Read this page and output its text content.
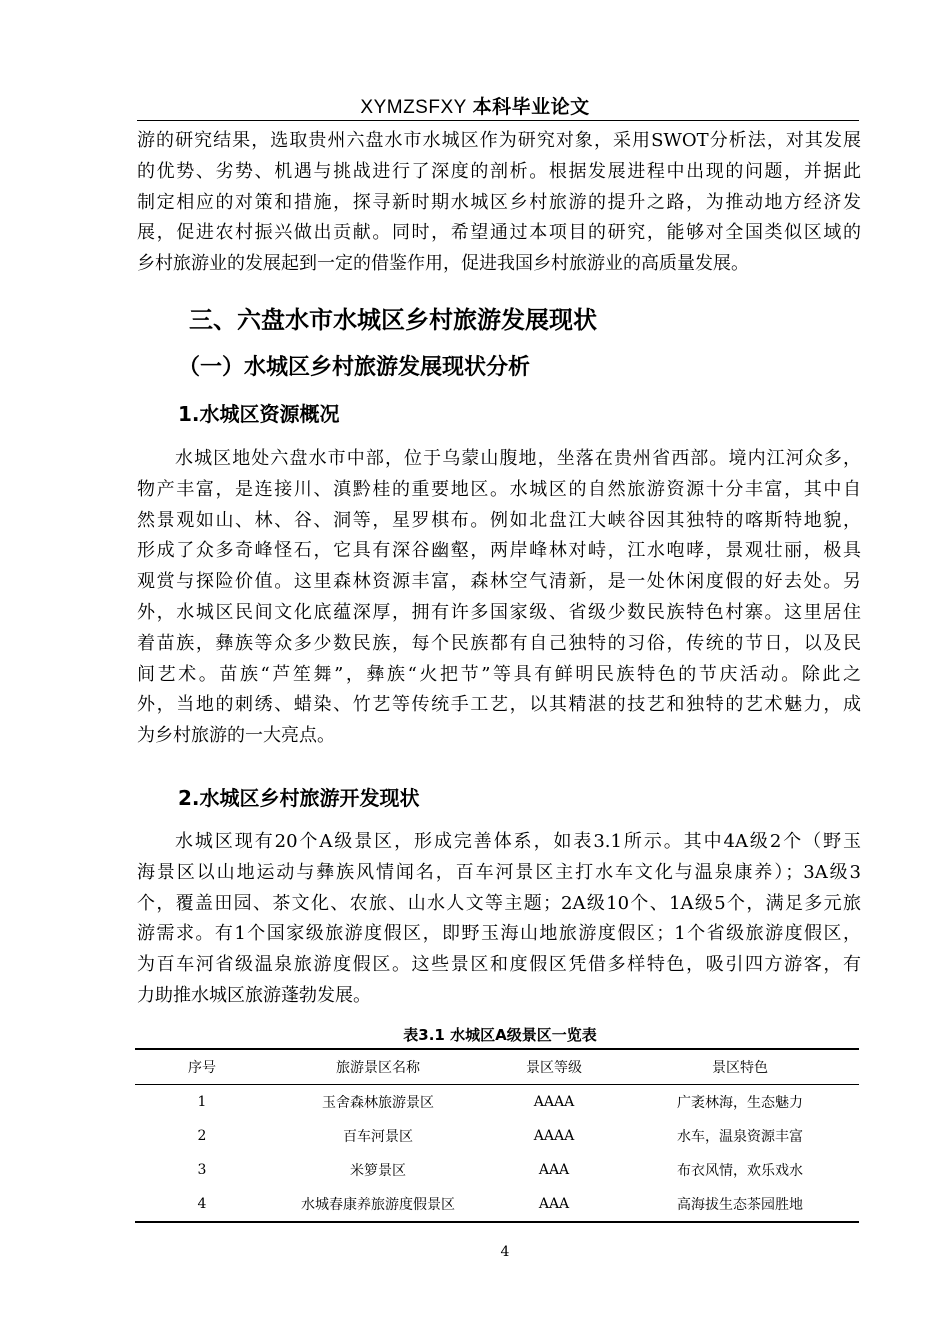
XYMZSFXY 本科毕业论文
游的研究结果，选取贵州六盘水市水城区作为研究对象，采用SWOT分析法，对其发展
的优势、劣势、机遇与挑战进行了深度的剖析。根据发展进程中出现的问题，并据此
制定相应的对策和措施，探寻新时期水城区乡村旅游的提升之路，为推动地方经济发
展，促进农村振兴做出贡献。同时，希望通过本项目的研究，能够对全国类似区域的
乡村旅游业的发展起到一定的借鉴作用，促进我国乡村旅游业的高质量发展。
三、六盘水市水城区乡村旅游发展现状
（一）水城区乡村旅游发展现状分析
1.水城区资源概况
水城区地处六盘水市中部，位于乌蒙山腹地，坐落在贵州省西部。境内江河众多，
物产丰富，是连接川、滇黔桂的重要地区。水城区的自然旅游资源十分丰富，其中自
然景观如山、林、谷、洞等，星罗棋布。例如北盘江大峡谷因其独特的喀斯特地貌，
形成了众多奇峰怪石，它具有深谷幽壑，两岸峰林对峙，江水咆哮，景观壮丽，极具
观赏与探险价值。这里森林资源丰富，森林空气清新，是一处休闲度假的好去处。另
外，水城区民间文化底蕴深厚，拥有许多国家级、省级少数民族特色村寨。这里居住
着苗族，彝族等众多少数民族，每个民族都有自己独特的习俗，传统的节日，以及民
间艺术。苗族“芦笙舞”，彝族“火把节”等具有鲜明民族特色的节庆活动。除此之
外，当地的刺绣、蜡染、竹艺等传统手工艺，以其精湛的技艺和独特的艺术魅力，成
为乡村旅游的一大亮点。
2.水城区乡村旅游开发现状
水城区现有20个A级景区，形成完善体系，如表3.1所示。其中4A级2个（野玉
海景区以山地运动与彝族风情闻名，百车河景区主打水车文化与温泉康养）；3A级3
个，覆盖田园、茶文化、农旅、山水人文等主题；2A级10个、1A级5个，满足多元旅
游需求。有1个国家级旅游度假区，即野玉海山地旅游度假区；1个省级旅游度假区，
为百车河省级温泉旅游度假区。这些景区和度假区凭借多样特色，吸引四方游客，有
力助推水城区旅游蓬勃发展。
表3.1 水城区A级景区一览表
序号	旅游景区名称	景区等级	景区特色
1	玉舍森林旅游景区	AAAA	广袤林海，生态魅力
2	百车河景区	AAAA	水车，温泉资源丰富
3	米箩景区	AAA	布衣风情，欢乐戏水
4	水城春康养旅游度假景区	AAA	高海拔生态茶园胜地
4
